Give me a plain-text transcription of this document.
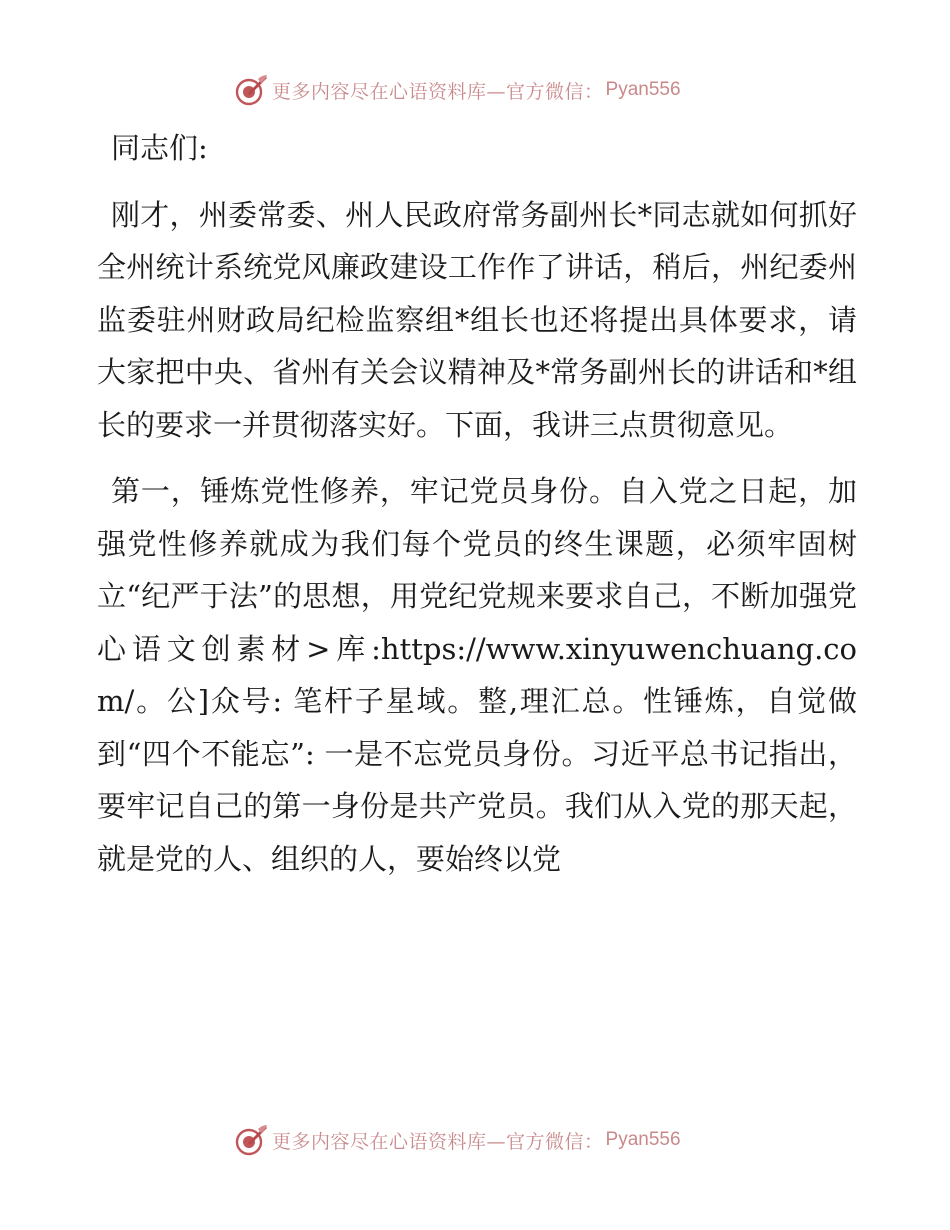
更多内容尽在心语资料库—官方微信： Pyan556

同志们:

刚才，州委常委、州人民政府常务副州长*同志就如何抓好全州统计系统党风廉政建设工作作了讲话，稍后，州纪委州监委驻州财政局纪检监察组*组长也还将提出具体要求，请大家把中央、省州有关会议精神及*常务副州长的讲话和*组长的要求一并贯彻落实好。下面，我讲三点贯彻意见。

第一，锤炼党性修养，牢记党员身份。自入党之日起，加强党性修养就成为我们每个党员的终生课题，必须牢固树立“纪严于法”的思想，用党纪党规来要求自己，不断加强党心语文创素材>库:https://www.xinyuwenchuang.com/。公]众号: 笔杆子星域。整,理汇总。性锤炼，自觉做到“四个不能忘”: 一是不忘党员身份。习近平总书记指出，要牢记自己的第一身份是共产党员。我们从入党的那天起，就是党的人、组织的人，要始终以党

更多内容尽在心语资料库—官方微信： Pyan556
